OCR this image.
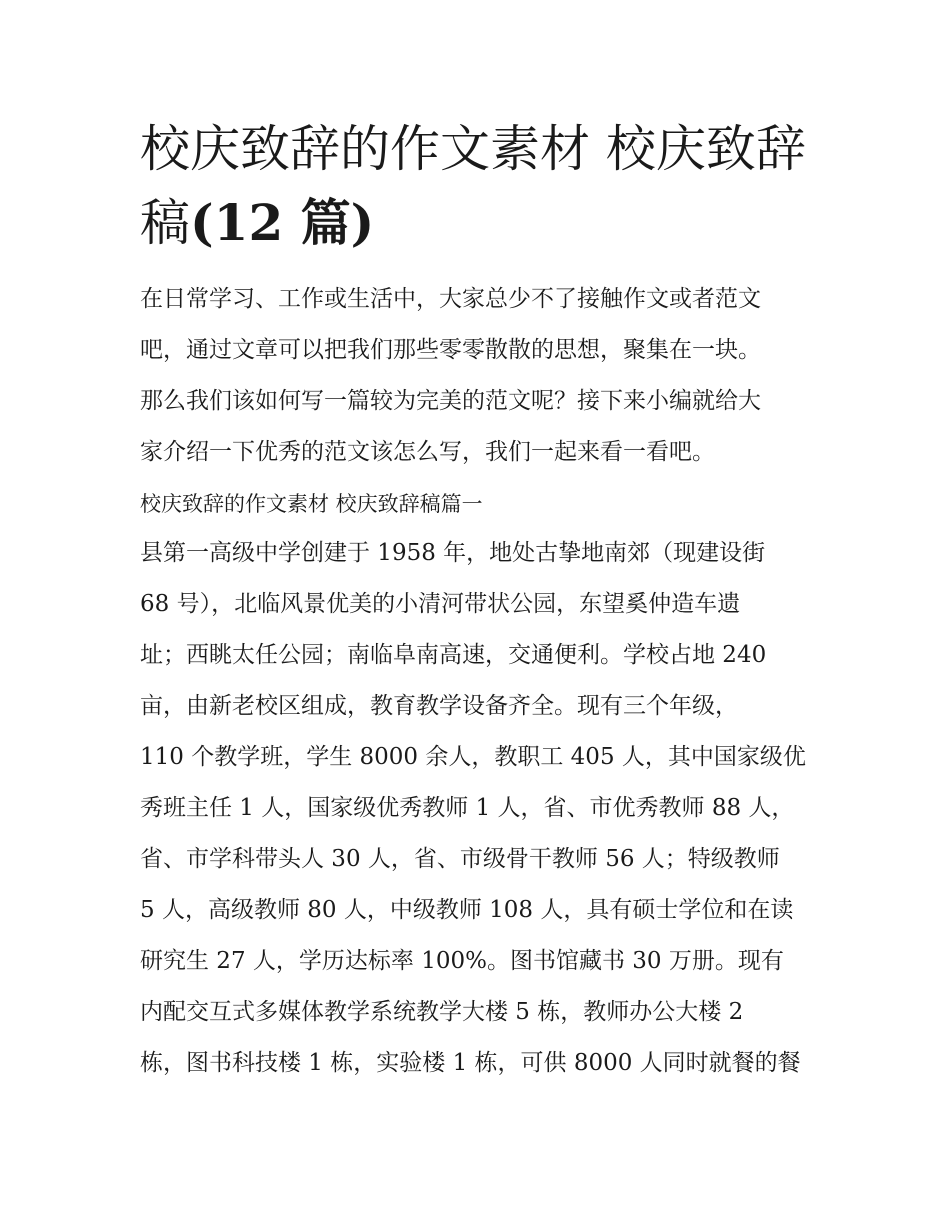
校庆致辞的作文素材 校庆致辞
稿(12 篇)
在日常学习、工作或生活中，大家总少不了接触作文或者范文
吧，通过文章可以把我们那些零零散散的思想，聚集在一块。
那么我们该如何写一篇较为完美的范文呢？接下来小编就给大
家介绍一下优秀的范文该怎么写，我们一起来看一看吧。
校庆致辞的作文素材 校庆致辞稿篇一
县第一高级中学创建于 1958 年，地处古挚地南郊（现建设街
68 号），北临风景优美的小清河带状公园，东望奚仲造车遗
址；西眺太任公园；南临阜南高速，交通便利。学校占地 240
亩，由新老校区组成，教育教学设备齐全。现有三个年级，
110 个教学班，学生 8000 余人，教职工 405 人，其中国家级优
秀班主任 1 人，国家级优秀教师 1 人，省、市优秀教师 88 人，
省、市学科带头人 30 人，省、市级骨干教师 56 人；特级教师
5 人，高级教师 80 人，中级教师 108 人，具有硕士学位和在读
研究生 27 人，学历达标率 100%。图书馆藏书 30 万册。现有
内配交互式多媒体教学系统教学大楼 5 栋，教师办公大楼 2
栋，图书科技楼 1 栋，实验楼 1 栋，可供 8000 人同时就餐的餐
